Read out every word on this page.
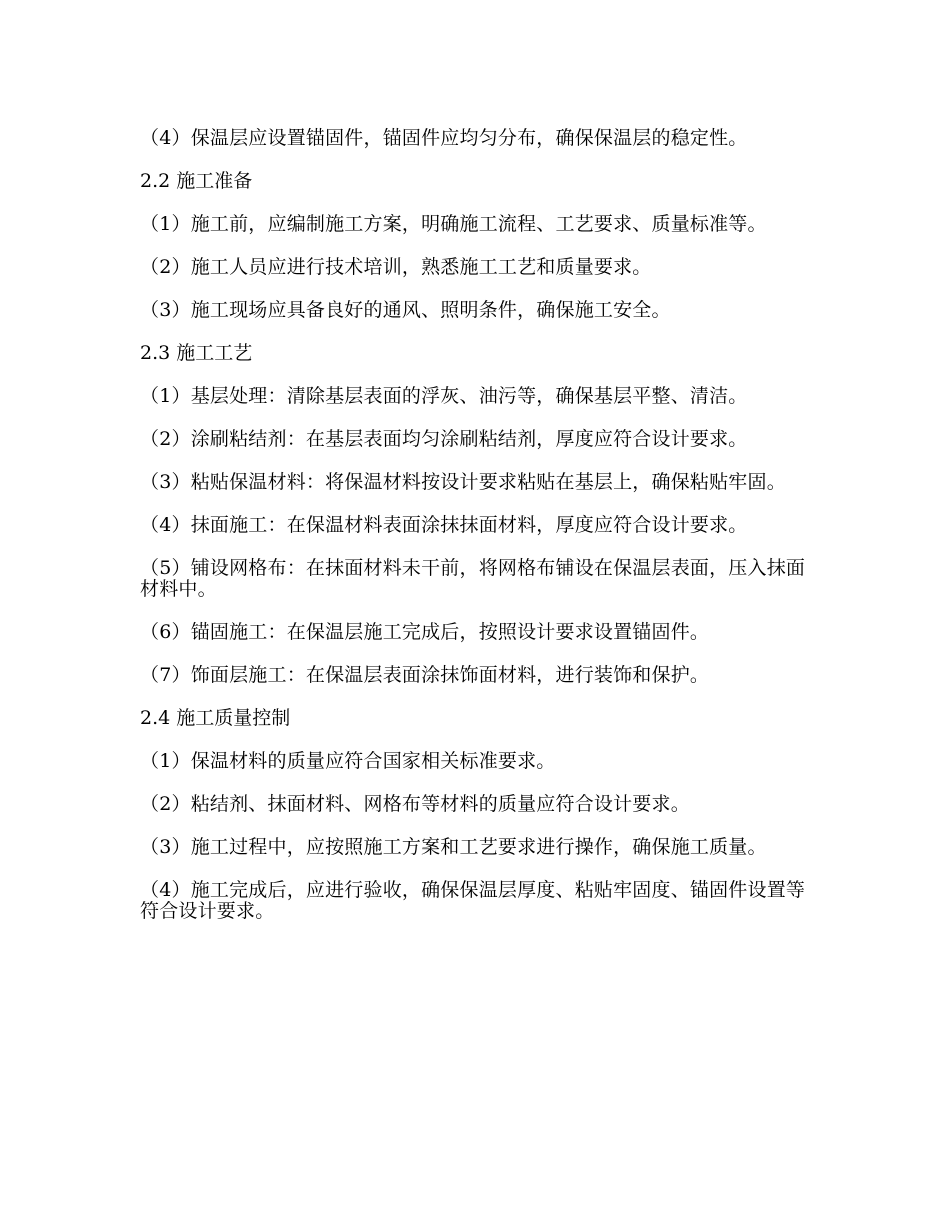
（4）保温层应设置锚固件，锚固件应均匀分布，确保保温层的稳定性。

2.2 施工准备

（1）施工前，应编制施工方案，明确施工流程、工艺要求、质量标准等。

（2）施工人员应进行技术培训，熟悉施工工艺和质量要求。

（3）施工现场应具备良好的通风、照明条件，确保施工安全。

2.3 施工工艺

（1）基层处理：清除基层表面的浮灰、油污等，确保基层平整、清洁。

（2）涂刷粘结剂：在基层表面均匀涂刷粘结剂，厚度应符合设计要求。

（3）粘贴保温材料：将保温材料按设计要求粘贴在基层上，确保粘贴牢固。

（4）抹面施工：在保温材料表面涂抹抹面材料，厚度应符合设计要求。

（5）铺设网格布：在抹面材料未干前，将网格布铺设在保温层表面，压入抹面材料中。

（6）锚固施工：在保温层施工完成后，按照设计要求设置锚固件。

（7）饰面层施工：在保温层表面涂抹饰面材料，进行装饰和保护。

2.4 施工质量控制

（1）保温材料的质量应符合国家相关标准要求。

（2）粘结剂、抹面材料、网格布等材料的质量应符合设计要求。

（3）施工过程中，应按照施工方案和工艺要求进行操作，确保施工质量。

（4）施工完成后，应进行验收，确保保温层厚度、粘贴牢固度、锚固件设置等符合设计要求。
